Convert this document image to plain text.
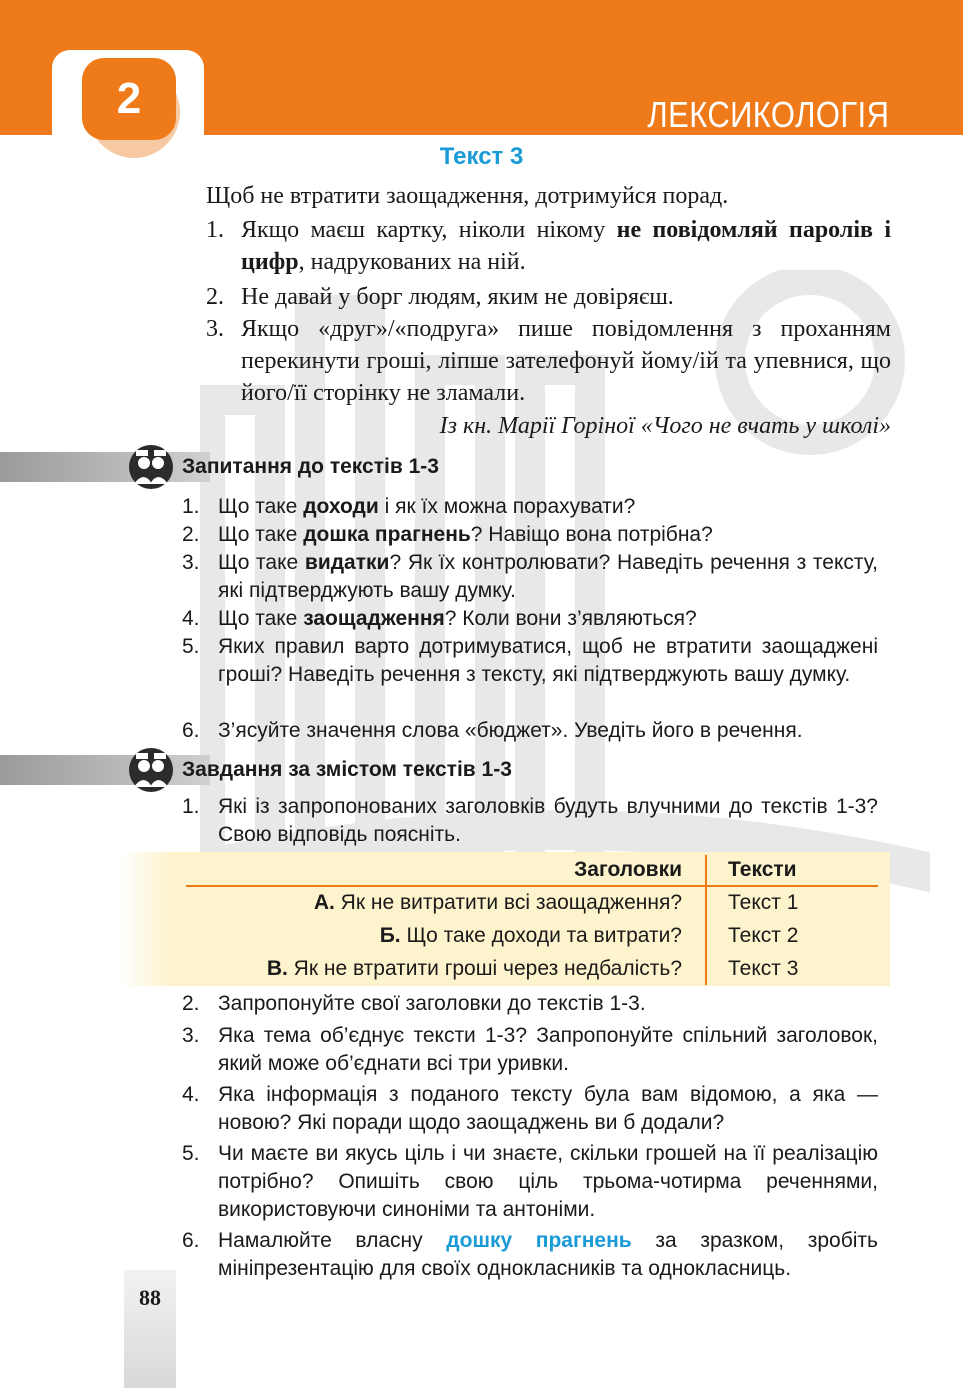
2	ЛЕКСИКОЛОГІЯ
Текст 3
Щоб не втратити заощадження, дотримуйся порад.
1. Якщо маєш картку, ніколи нікому не повідомляй паролів і цифр, надрукованих на ній.
2. Не давай у борг людям, яким не довіряєш.
3. Якщо «друг»/«подруга» пише повідомлення з проханням перекинути гроші, ліпше зателефонуй йому/ій та упевнися, що його/її сторінку не зламали.
Із кн. Марії Горіної «Чого не вчать у школі»
Запитання до текстів 1-3
1. Що таке доходи і як їх можна порахувати?
2. Що таке дошка прагнень? Навіщо вона потрібна?
3. Що таке видатки? Як їх контролювати? Наведіть речення з тексту, які підтверджують вашу думку.
4. Що таке заощадження? Коли вони з’являються?
5. Яких правил варто дотримуватися, щоб не втратити заощаджені гроші? Наведіть речення з тексту, які підтверджують вашу думку.
6. З’ясуйте значення слова «бюджет». Уведіть його в речення.
Завдання за змістом текстів 1-3
1. Які із запропонованих заголовків будуть влучними до текстів 1-3? Свою відповідь поясніть.
Заголовки Тексти
А. Як не витратити всі заощадження? Текст 1
Б. Що таке доходи та витрати? Текст 2
В. Як не втратити гроші через недбалість? Текст 3
2. Запропонуйте свої заголовки до текстів 1-3.
3. Яка тема об’єднує тексти 1-3? Запропонуйте спільний заголовок, який може об’єднати всі три уривки.
4. Яка інформація з поданого тексту була вам відомою, а яка — новою? Які поради щодо заощаджень ви б додали?
5. Чи маєте ви якусь ціль і чи знаєте, скільки грошей на її реалізацію потрібно? Опишіть свою ціль трьома-чотирма реченнями, використовуючи синоніми та антоніми.
6. Намалюйте власну дошку прагнень за зразком, зробіть мініпрезентацію для своїх однокласників та однокласниць.
88
